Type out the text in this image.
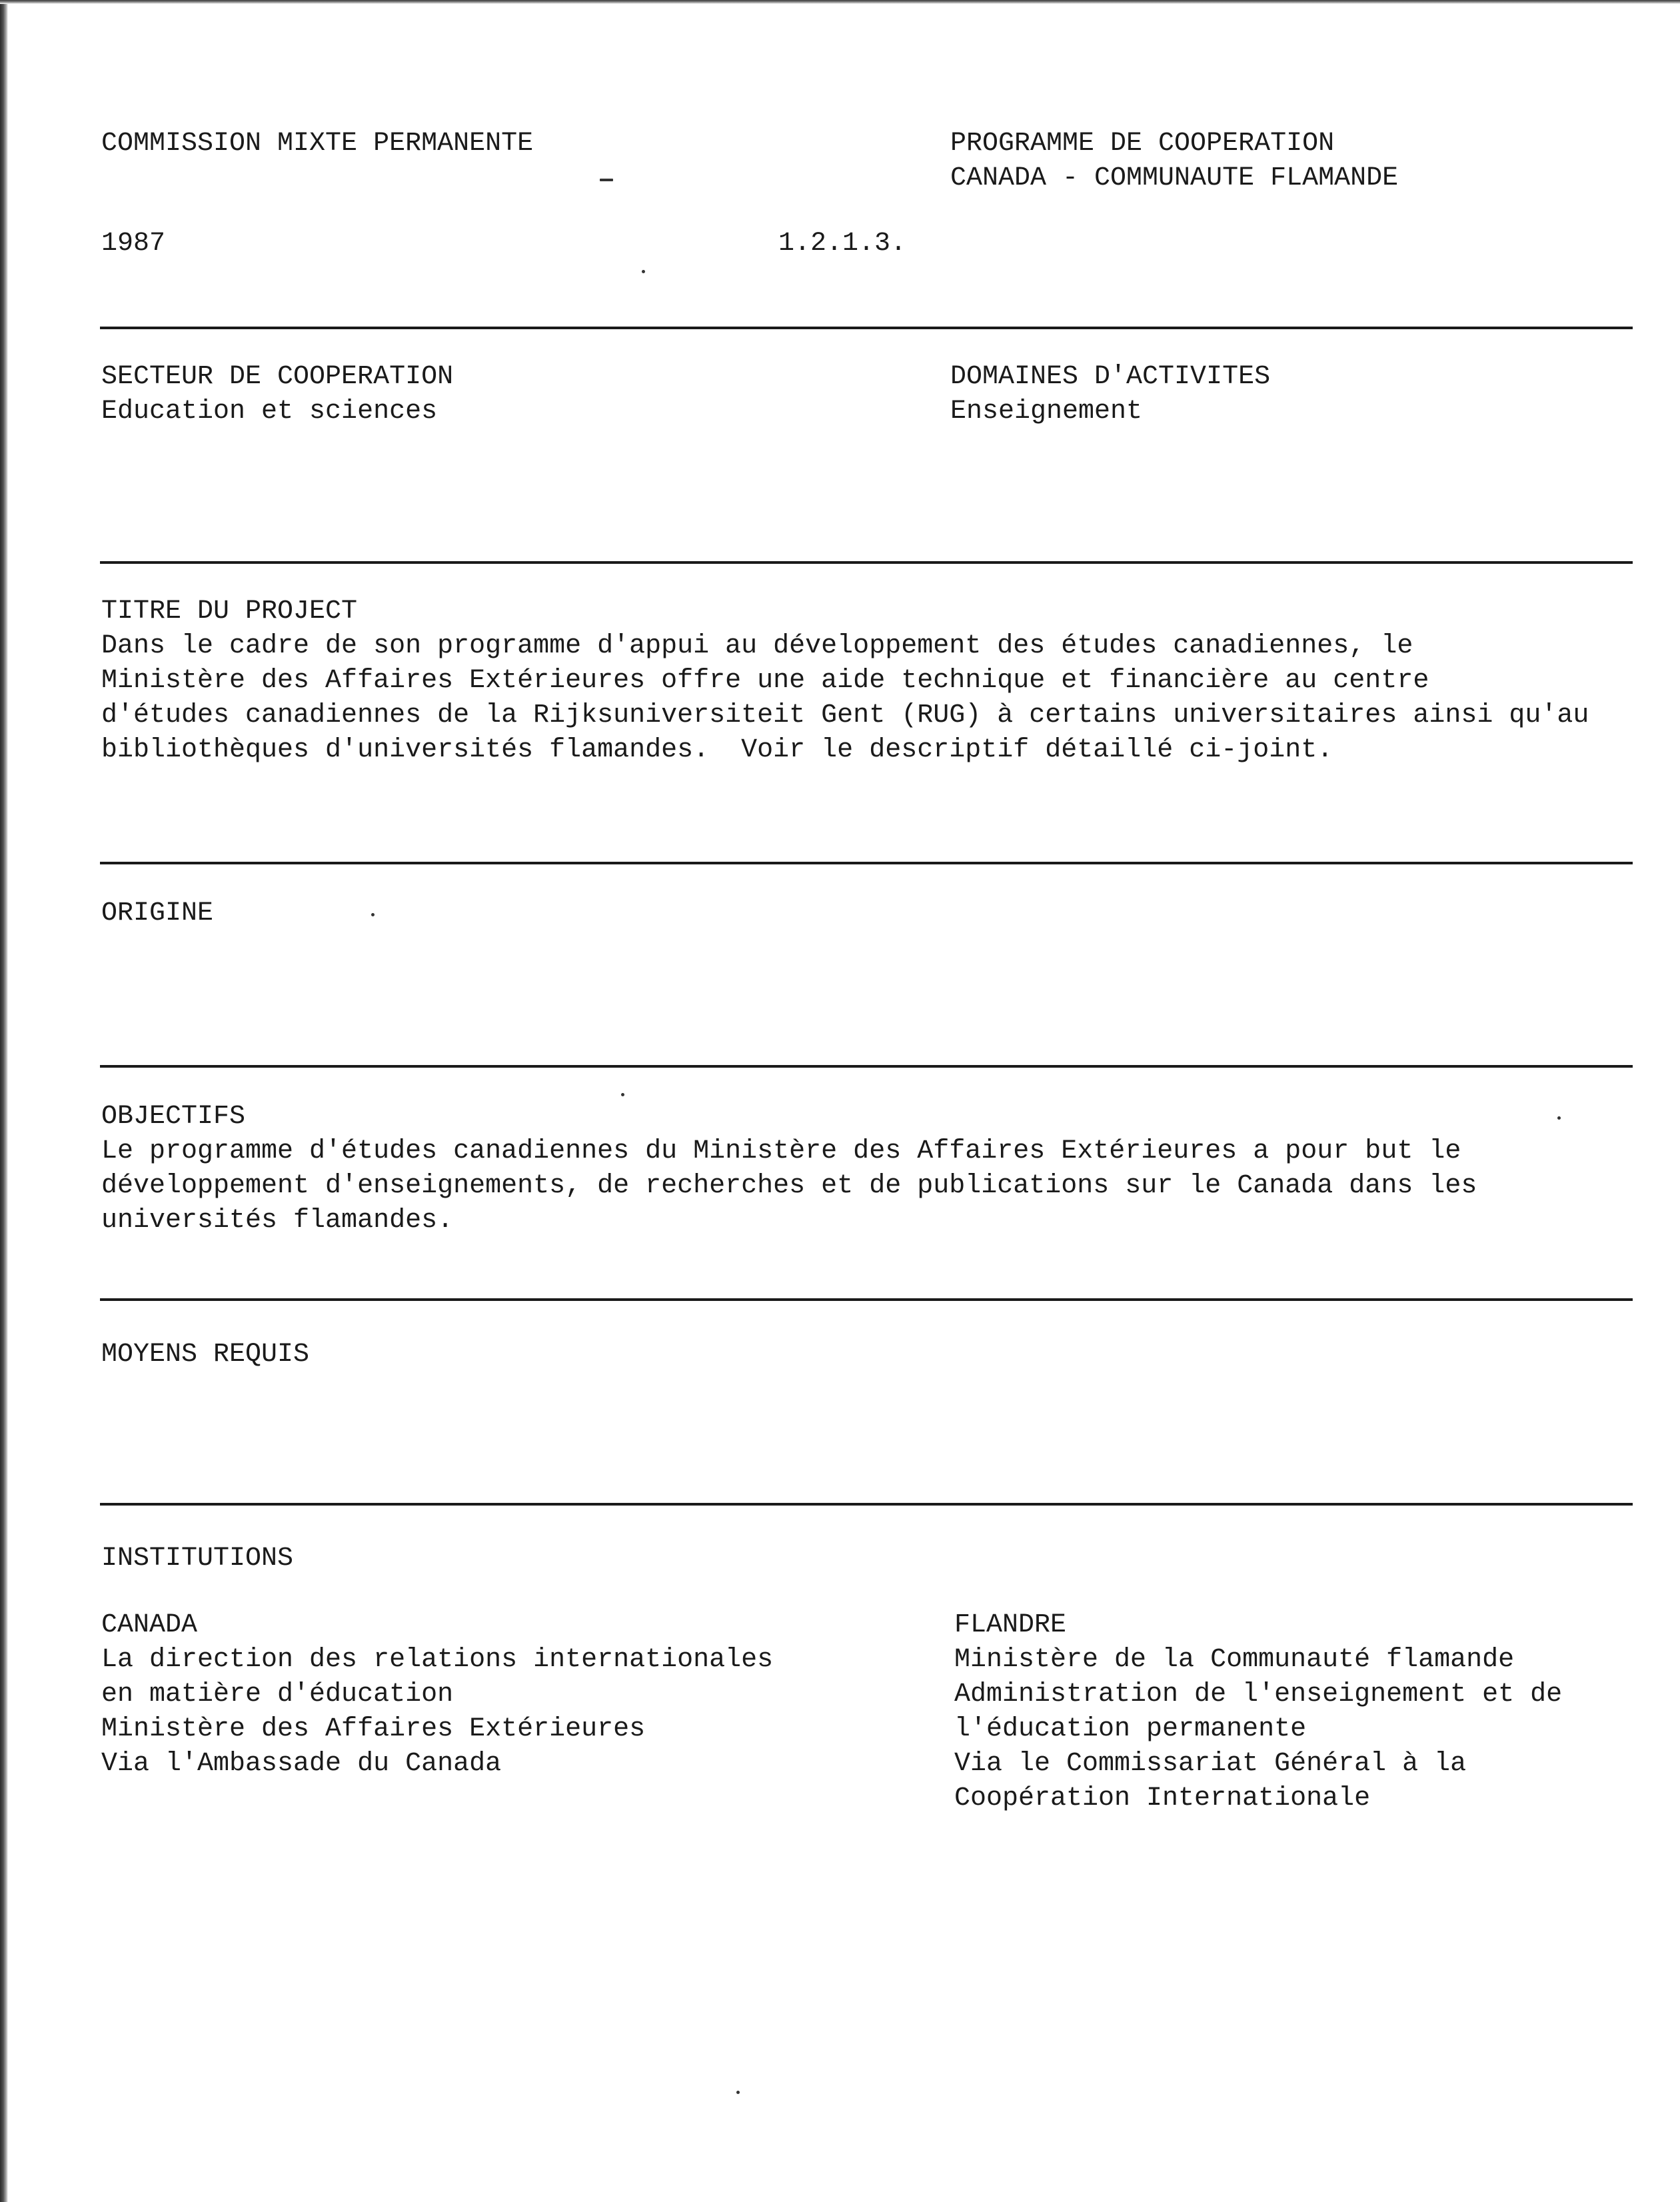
COMMISSION MIXTE PERMANENTE	PROGRAMME DE COOPERATION
CANADA - COMMUNAUTE FLAMANDE
1987	1.2.1.3.
SECTEUR DE COOPERATION
Education et sciences
DOMAINES D'ACTIVITES
Enseignement
TITRE DU PROJECT
Dans le cadre de son programme d'appui au développement des études canadiennes, le
Ministère des Affaires Extérieures offre une aide technique et financière au centre
d'études canadiennes de la Rijksuniversiteit Gent (RUG) à certains universitaires ainsi qu'au
bibliothèques d'universités flamandes.  Voir le descriptif détaillé ci-joint.
ORIGINE
OBJECTIFS
Le programme d'études canadiennes du Ministère des Affaires Extérieures a pour but le
développement d'enseignements, de recherches et de publications sur le Canada dans les
universités flamandes.
MOYENS REQUIS
INSTITUTIONS
CANADA
La direction des relations internationales
en matière d'éducation
Ministère des Affaires Extérieures
Via l'Ambassade du Canada
FLANDRE
Ministère de la Communauté flamande
Administration de l'enseignement et de
l'éducation permanente
Via le Commissariat Général à la
Coopération Internationale
